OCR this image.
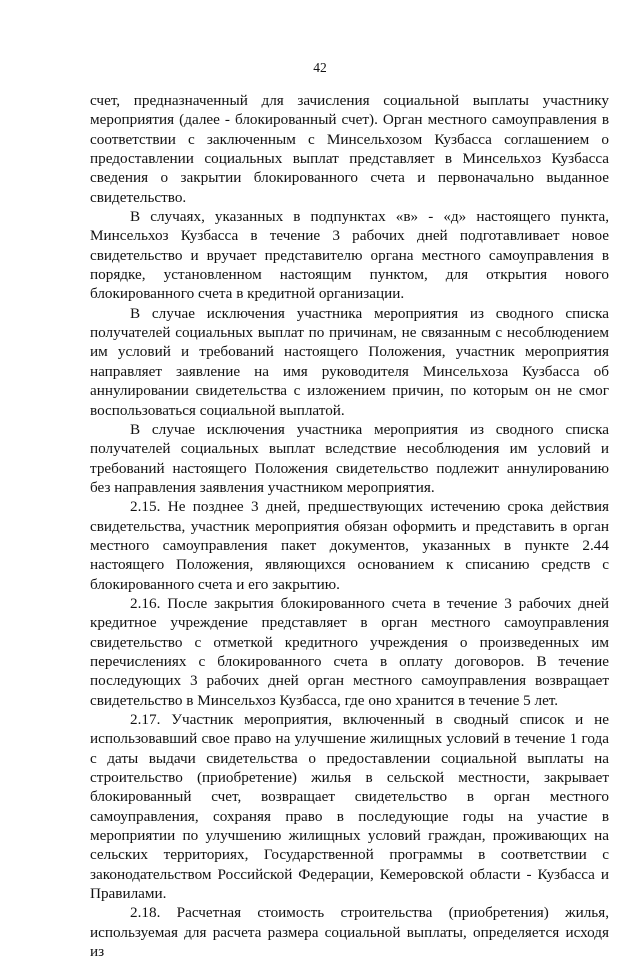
42

счет, предназначенный для зачисления социальной выплаты участнику мероприятия (далее - блокированный счет). Орган местного самоуправления в соответствии с заключенным с Минсельхозом Кузбасса соглашением о предоставлении социальных выплат представляет в Минсельхоз Кузбасса сведения о закрытии блокированного счета и первоначально выданное свидетельство.

В случаях, указанных в подпунктах «в» - «д» настоящего пункта, Минсельхоз Кузбасса в течение 3 рабочих дней подготавливает новое свидетельство и вручает представителю органа местного самоуправления в порядке, установленном настоящим пунктом, для открытия нового блокированного счета в кредитной организации.

В случае исключения участника мероприятия из сводного списка получателей социальных выплат по причинам, не связанным с несоблюдением им условий и требований настоящего Положения, участник мероприятия направляет заявление на имя руководителя Минсельхоза Кузбасса об аннулировании свидетельства с изложением причин, по которым он не смог воспользоваться социальной выплатой.

В случае исключения участника мероприятия из сводного списка получателей социальных выплат вследствие несоблюдения им условий и требований настоящего Положения свидетельство подлежит аннулированию без направления заявления участником мероприятия.

2.15. Не позднее 3 дней, предшествующих истечению срока действия свидетельства, участник мероприятия обязан оформить и представить в орган местного самоуправления пакет документов, указанных в пункте 2.44 настоящего Положения, являющихся основанием к списанию средств с блокированного счета и его закрытию.

2.16. После закрытия блокированного счета в течение 3 рабочих дней кредитное учреждение представляет в орган местного самоуправления свидетельство с отметкой кредитного учреждения о произведенных им перечислениях с блокированного счета в оплату договоров. В течение последующих 3 рабочих дней орган местного самоуправления возвращает свидетельство в Минсельхоз Кузбасса, где оно хранится в течение 5 лет.

2.17. Участник мероприятия, включенный в сводный список и не использовавший свое право на улучшение жилищных условий в течение 1 года с даты выдачи свидетельства о предоставлении социальной выплаты на строительство (приобретение) жилья в сельской местности, закрывает блокированный счет, возвращает свидетельство в орган местного самоуправления, сохраняя право в последующие годы на участие в мероприятии по улучшению жилищных условий граждан, проживающих на сельских территориях, Государственной программы в соответствии с законодательством Российской Федерации, Кемеровской области - Кузбасса и Правилами.

2.18. Расчетная стоимость строительства (приобретения) жилья, используемая для расчета размера социальной выплаты, определяется исходя из
